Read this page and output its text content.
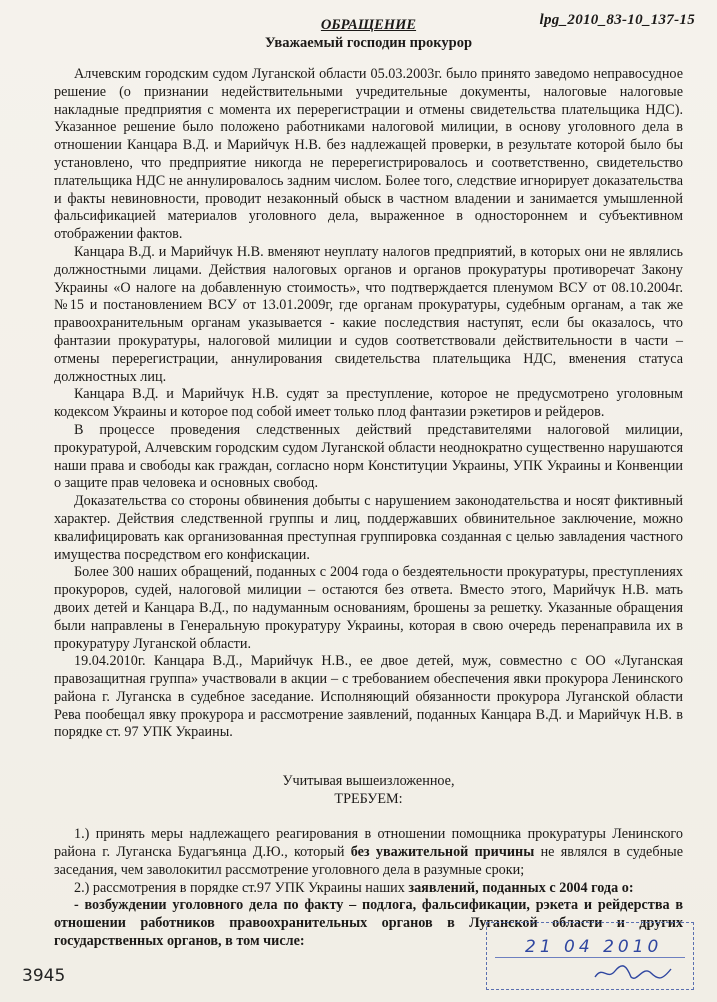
lpg_2010_83-10_137-15
ОБРАЩЕНИЕ
Уважаемый господин прокурор

Алчевским городским судом Луганской области 05.03.2003г. было принято заведомо неправосудное решение (о признании недействительными учредительные документы, налоговые налоговые накладные предприятия с момента их перерегистрации и отмены свидетельства плательщика НДС). Указанное решение было положено работниками налоговой милиции, в основу уголовного дела в отношении Канцара В.Д. и Марийчук Н.В. без надлежащей проверки, в результате которой было бы установлено, что предприятие никогда не перерегистрировалось и соответственно, свидетельство плательщика НДС не аннулировалось задним числом. Более того, следствие игнорирует доказательства и факты невиновности, проводит незаконный обыск в частном владении и занимается умышленной фальсификацией материалов уголовного дела, выраженное в одностороннем и субъективном отображении фактов.

Канцара В.Д. и Марийчук Н.В. вменяют неуплату налогов предприятий, в которых они не являлись должностными лицами. Действия налоговых органов и органов прокуратуры противоречат Закону Украины «О налоге на добавленную стоимость», что подтверждается пленумом ВСУ от 08.10.2004г. №15 и постановлением ВСУ от 13.01.2009г, где органам прокуратуры, судебным органам, а так же правоохранительным органам указывается - какие последствия наступят, если бы оказалось, что фантазии прокуратуры, налоговой милиции и судов соответствовали действительности в части – отмены перерегистрации, аннулирования свидетельства плательщика НДС, вменения статуса должностных лиц.

Канцара В.Д. и Марийчук Н.В. судят за преступление, которое не предусмотрено уголовным кодексом Украины и которое под собой имеет только плод фантазии рэкетиров и рейдеров.

В процессе проведения следственных действий представителями налоговой милиции, прокуратурой, Алчевским городским судом Луганской области неоднократно существенно нарушаются наши права и свободы как граждан, согласно норм Конституции Украины, УПК Украины и Конвенции о защите прав человека и основных свобод.

Доказательства со стороны обвинения добыты с нарушением законодательства и носят фиктивный характер. Действия следственной группы и лиц, поддержавших обвинительное заключение, можно квалифицировать как организованная преступная группировка созданная с целью завладения частного имущества посредством его конфискации.

Более 300 наших обращений, поданных с 2004 года о бездеятельности прокуратуры, преступлениях прокуроров, судей, налоговой милиции – остаются без ответа. Вместо этого, Марийчук Н.В. мать двоих детей и Канцара В.Д., по надуманным основаниям, брошены за решетку. Указанные обращения были направлены в Генеральную прокуратуру Украины, которая в свою очередь перенаправила их в прокуратуру Луганской области.

19.04.2010г. Канцара В.Д., Марийчук Н.В., ее двое детей, муж, совместно с ОО «Луганская правозащитная группа» участвовали в акции – с требованием обеспечения явки прокурора Ленинского района г. Луганска в судебное заседание. Исполняющий обязанности прокурора Луганской области Рева пообещал явку прокурора и рассмотрение заявлений, поданных Канцара В.Д. и Марийчук Н.В. в порядке ст. 97 УПК Украины.

Учитывая вышеизложенное,
ТРЕБУЕМ:

1.) принять меры надлежащего реагирования в отношении помощника прокуратуры Ленинского района г. Луганска Будагъянца Д.Ю., который без уважительной причины не являлся в судебные заседания, чем заволокитил рассмотрение уголовного дела в разумные сроки;

2.) рассмотрения в порядке ст.97 УПК Украины наших заявлений, поданных с 2004 года о:

- возбуждении уголовного дела по факту – подлога, фальсификации, рэкета и рейдерства в отношении работников правоохранительных органов в Луганской области и других государственных органов, в том числе:	21 04 2010
3945
